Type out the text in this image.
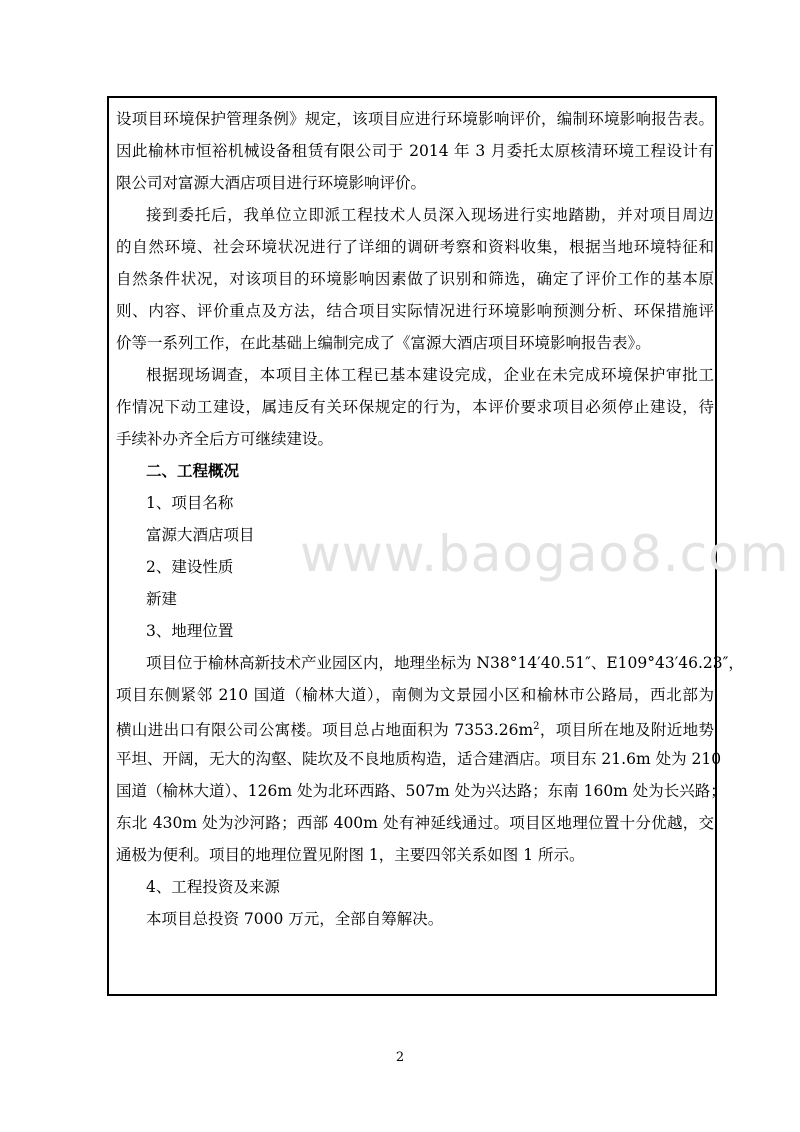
www.baogao8.com
设项目环境保护管理条例》规定，该项目应进行环境影响评价，编制环境影响报告表。
因此榆林市恒裕机械设备租赁有限公司于 2014 年 3 月委托太原核清环境工程设计有
限公司对富源大酒店项目进行环境影响评价。
接到委托后，我单位立即派工程技术人员深入现场进行实地踏勘，并对项目周边
的自然环境、社会环境状况进行了详细的调研考察和资料收集，根据当地环境特征和
自然条件状况，对该项目的环境影响因素做了识别和筛选，确定了评价工作的基本原
则、内容、评价重点及方法，结合项目实际情况进行环境影响预测分析、环保措施评
价等一系列工作，在此基础上编制完成了《富源大酒店项目环境影响报告表》。
根据现场调查，本项目主体工程已基本建设完成，企业在未完成环境保护审批工
作情况下动工建设，属违反有关环保规定的行为，本评价要求项目必须停止建设，待
手续补办齐全后方可继续建设。
二、工程概况
1、项目名称
富源大酒店项目
2、建设性质
新建
3、地理位置
项目位于榆林高新技术产业园区内，地理坐标为 N38°14′40.51″、E109°43′46.23″，
项目东侧紧邻 210 国道（榆林大道），南侧为文景园小区和榆林市公路局，西北部为
横山进出口有限公司公寓楼。项目总占地面积为 $7353.26m^2$，项目所在地及附近地势
平坦、开阔，无大的沟壑、陡坎及不良地质构造，适合建酒店。项目东 21.6m 处为 210
国道（榆林大道）、126m 处为北环西路、507m 处为兴达路；东南 160m 处为长兴路；
东北 430m 处为沙河路；西部 400m 处有神延线通过。项目区地理位置十分优越，交
通极为便利。项目的地理位置见附图 1，主要四邻关系如图 1 所示。
4、工程投资及来源
本项目总投资 7000 万元，全部自筹解决。
2
